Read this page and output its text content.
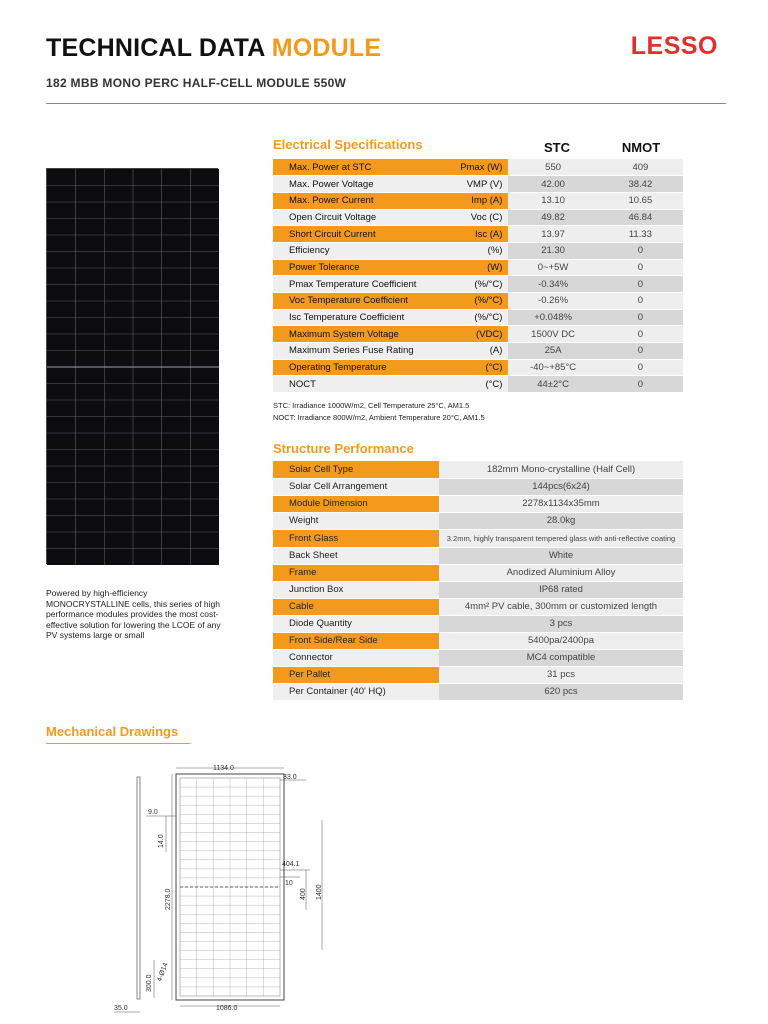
TECHNICAL DATA MODULE	LESSO
182 MBB MONO PERC HALF-CELL MODULE 550W
Powered by high-efficiency MONOCRYSTALLINE cells, this series of high performance modules provides the most cost-effective solution for lowering the LCOE of any PV systems large or small
Electrical Specifications	STC	NMOT
Max. Power at STC	Pmax (W)	550	409
Max. Power Voltage	VMP (V)	42.00	38.42
Max. Power Current	Imp (A)	13.10	10.65
Open Circuit Voltage	Voc (C)	49.82	46.84
Short Circuit Current	Isc (A)	13.97	11.33
Efficiency	(%)	21.30	0
Power Tolerance	(W)	0~+5W	0
Pmax Temperature Coefficient	(%/°C)	-0.34%	0
Voc Temperature Coefficient	(%/°C)	-0.26%	0
Isc Temperature Coefficient	(%/°C)	+0.048%	0
Maximum System Voltage	(VDC)	1500V DC	0
Maximum Series Fuse Rating	(A)	25A	0
Operating Temperature	(°C)	-40~+85°C	0
NOCT	(°C)	44±2°C	0
STC: Irradiance 1000W/m2, Cell Temperature 25°C, AM1.5
NOCT: Irradiance 800W/m2, Ambient Temperature 20°C, AM1.5
Structure Performance
Solar Cell Type	182mm Mono-crystalline (Half Cell)
Solar Cell Arrangement	144pcs(6x24)
Module Dimension	2278x1134x35mm
Weight	28.0kg
Front Glass	3.2mm, highly transparent tempered glass with anti-reflective coating
Back Sheet	White
Frame	Anodized Aluminium Alloy
Junction Box	IP68 rated
Cable	4mm² PV cable, 300mm or customized length
Diode Quantity	3 pcs
Front Side/Rear Side	5400pa/2400pa
Connector	MC4 compatible
Per Pallet	31 pcs
Per Container (40' HQ)	620 pcs
Mechanical Drawings
1134.0
33.0
9.0
14.0
2278.0
300.0
4-Ø14
404.1
10
400 1400
1086.0
35.0
